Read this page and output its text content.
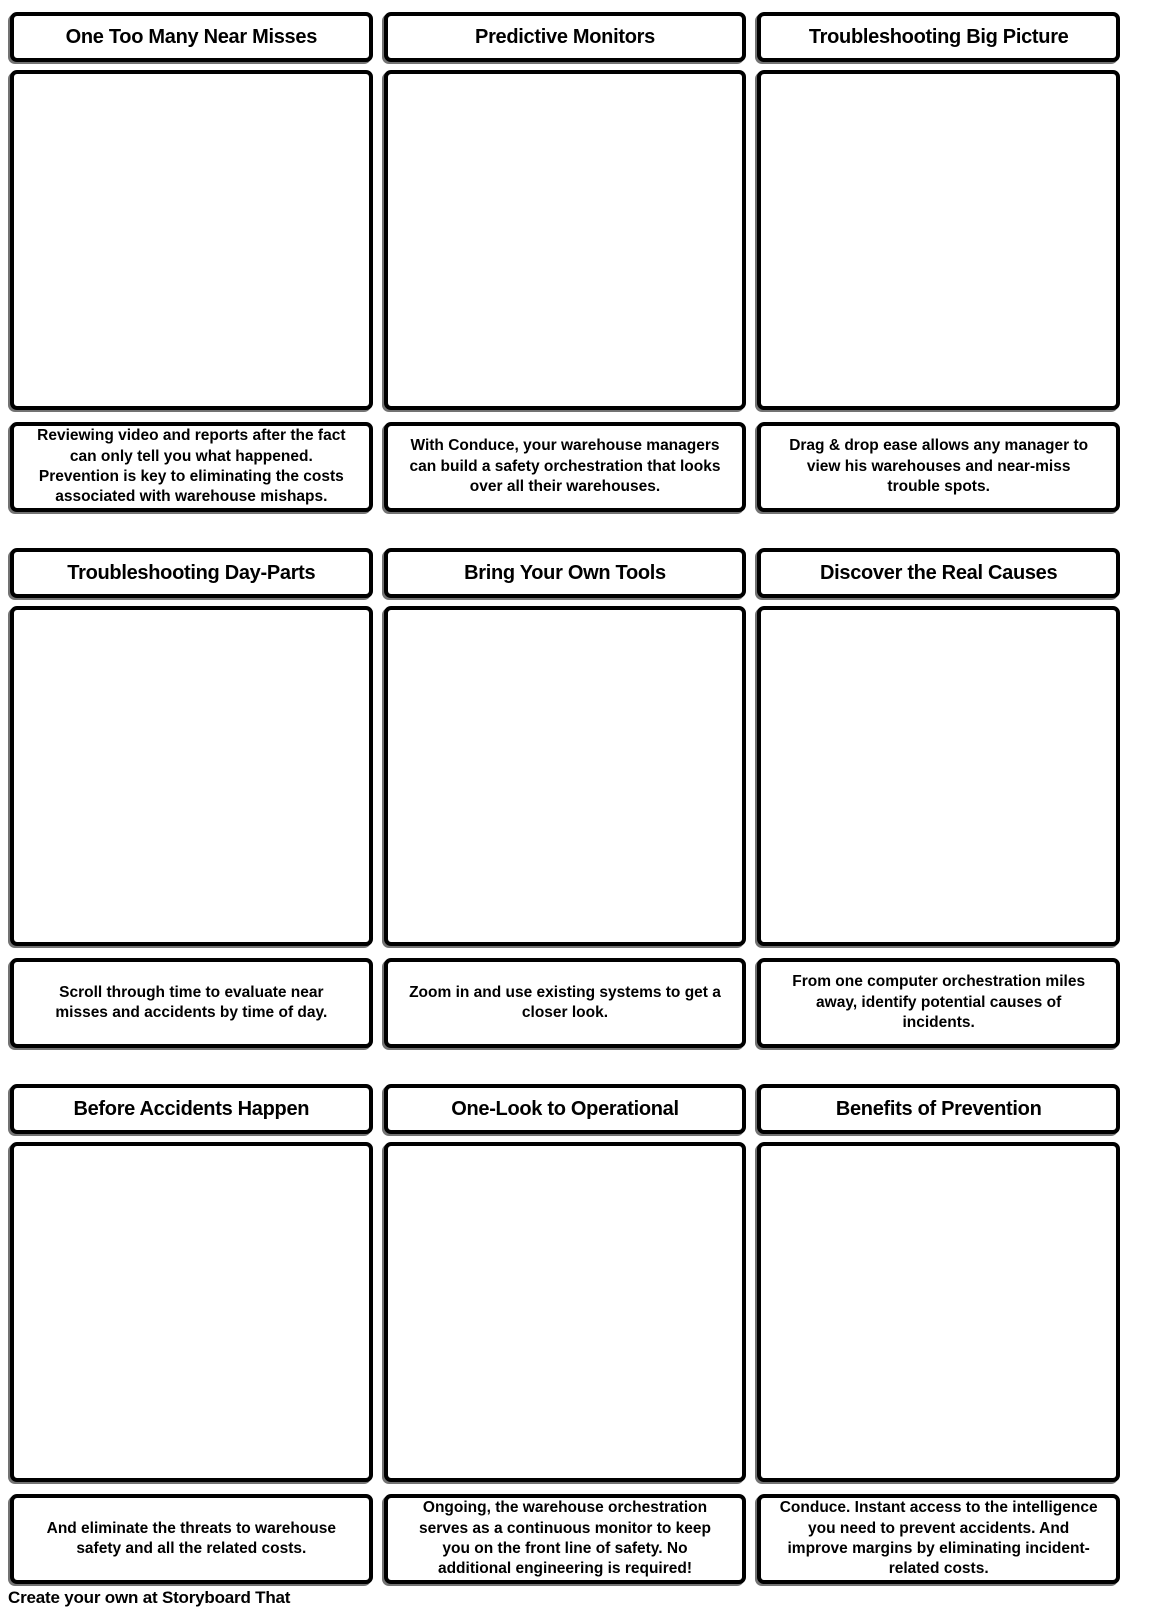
One Too Many Near Misses

Reviewing video and reports after the fact can only tell you what happened. Prevention is key to eliminating the costs associated with warehouse mishaps.

Predictive Monitors

With Conduce, your warehouse managers can build a safety orchestration that looks over all their warehouses.

Troubleshooting Big Picture

Drag & drop ease allows any manager to view his warehouses and near-miss trouble spots.

Troubleshooting Day-Parts

Scroll through time to evaluate near misses and accidents by time of day.

Bring Your Own Tools

Zoom in and use existing systems to get a closer look.

Discover the Real Causes

From one computer orchestration miles away, identify potential causes of incidents.

Before Accidents Happen

And eliminate the threats to warehouse safety and all the related costs.

One-Look to Operational

Ongoing, the warehouse orchestration serves as a continuous monitor to keep you on the front line of safety. No additional engineering is required!

Benefits of Prevention

Conduce. Instant access to the intelligence you need to prevent accidents. And improve margins by eliminating incident-related costs.

Create your own at Storyboard That
